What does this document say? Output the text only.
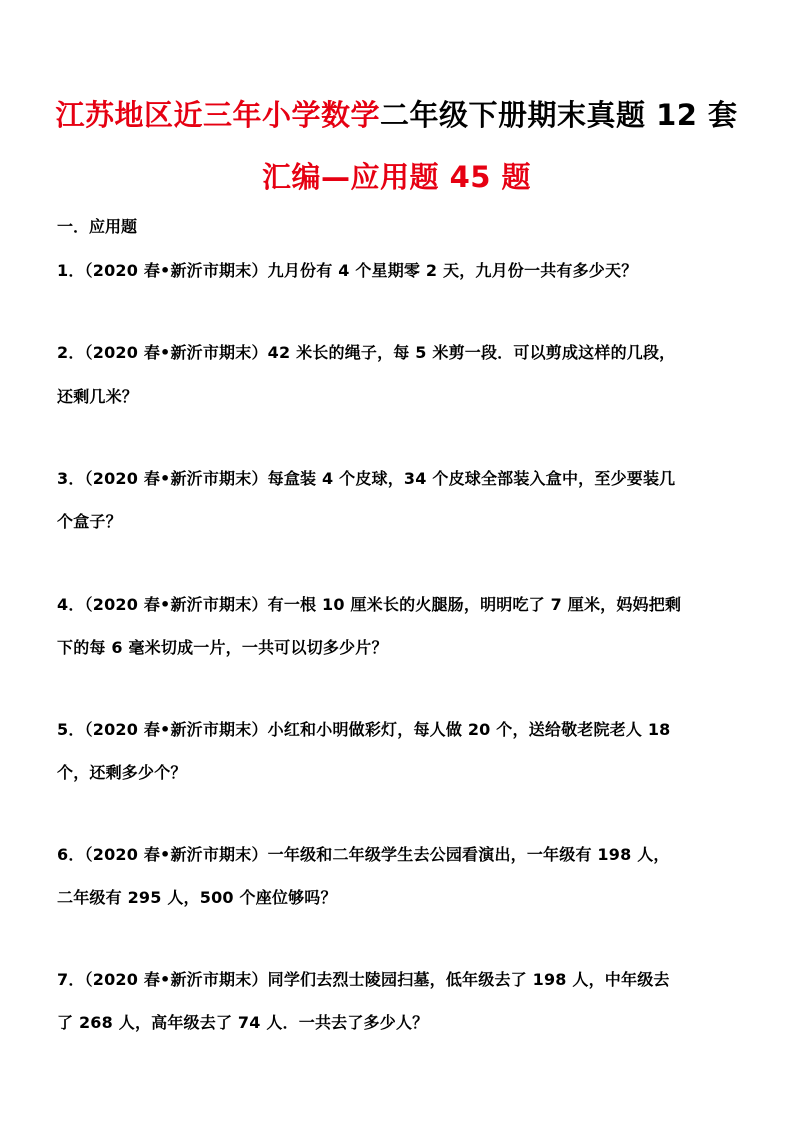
江苏地区近三年小学数学二年级下册期末真题 12 套
汇编—应用题 45 题
一．应用题
1．（2020 春•新沂市期末）九月份有 4 个星期零 2 天，九月份一共有多少天？
2．（2020 春•新沂市期末）42 米长的绳子，每 5 米剪一段．可以剪成这样的几段，
还剩几米？
3．（2020 春•新沂市期末）每盒装 4 个皮球，34 个皮球全部装入盒中，至少要装几
个盒子？
4．（2020 春•新沂市期末）有一根 10 厘米长的火腿肠，明明吃了 7 厘米，妈妈把剩
下的每 6 毫米切成一片，一共可以切多少片？
5．（2020 春•新沂市期末）小红和小明做彩灯，每人做 20 个，送给敬老院老人 18
个，还剩多少个？
6．（2020 春•新沂市期末）一年级和二年级学生去公园看演出，一年级有 198 人，
二年级有 295 人，500 个座位够吗？
7．（2020 春•新沂市期末）同学们去烈士陵园扫墓，低年级去了 198 人，中年级去
了 268 人，高年级去了 74 人．一共去了多少人？
